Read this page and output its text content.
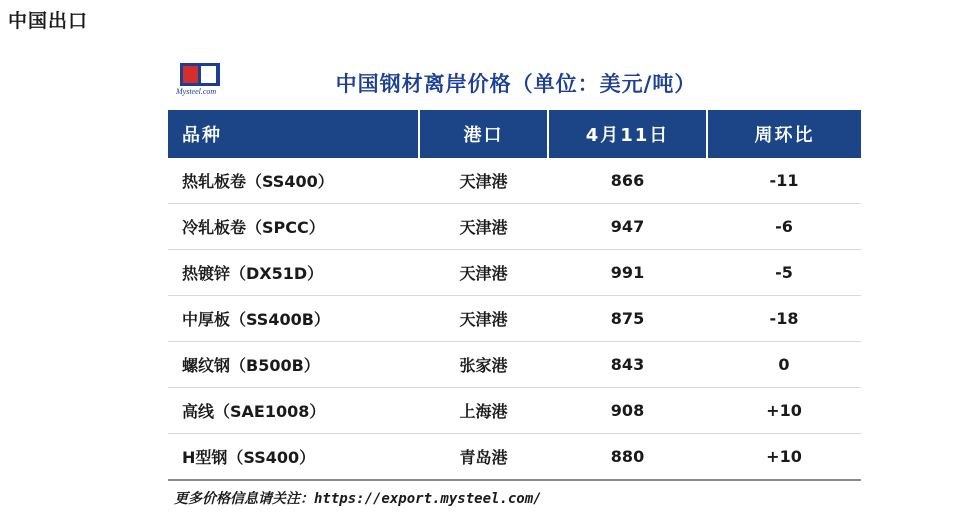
中国出口
Mysteel.com	中国钢材离岸价格（单位：美元/吨）
品种	港口	4月11日	周环比
热轧板卷（SS400）	天津港	866	-11
冷轧板卷（SPCC）	天津港	947	-6
热镀锌（DX51D）	天津港	991	-5
中厚板（SS400B）	天津港	875	-18
螺纹钢（B500B）	张家港	843	0
高线（SAE1008）	上海港	908	+10
H型钢（SS400）	青岛港	880	+10
更多价格信息请关注：https://export.mysteel.com/
